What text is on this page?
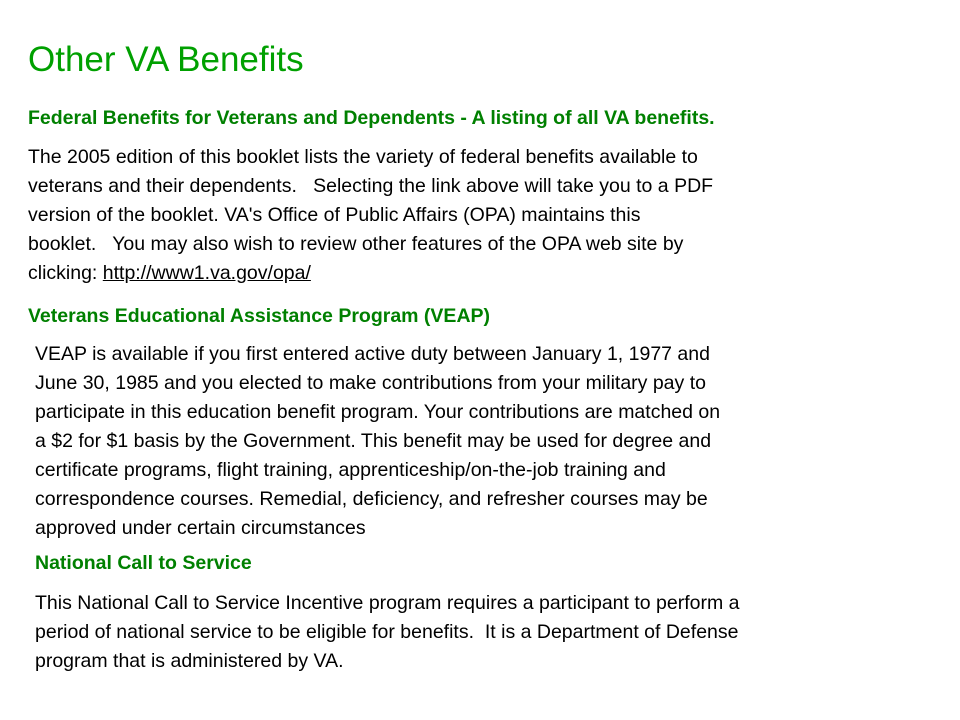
Other VA Benefits
Federal Benefits for Veterans and Dependents - A listing of all VA benefits.
The 2005 edition of this booklet lists the variety of federal benefits available to
veterans and their dependents.   Selecting the link above will take you to a PDF
version of the booklet. VA's Office of Public Affairs (OPA) maintains this
booklet.   You may also wish to review other features of the OPA web site by
clicking: http://www1.va.gov/opa/
Veterans Educational Assistance Program (VEAP)
VEAP is available if you first entered active duty between January 1, 1977 and
June 30, 1985 and you elected to make contributions from your military pay to
participate in this education benefit program. Your contributions are matched on
a $2 for $1 basis by the Government. This benefit may be used for degree and
certificate programs, flight training, apprenticeship/on-the-job training and
correspondence courses. Remedial, deficiency, and refresher courses may be
approved under certain circumstances
National Call to Service
This National Call to Service Incentive program requires a participant to perform a
period of national service to be eligible for benefits.  It is a Department of Defense
program that is administered by VA.
